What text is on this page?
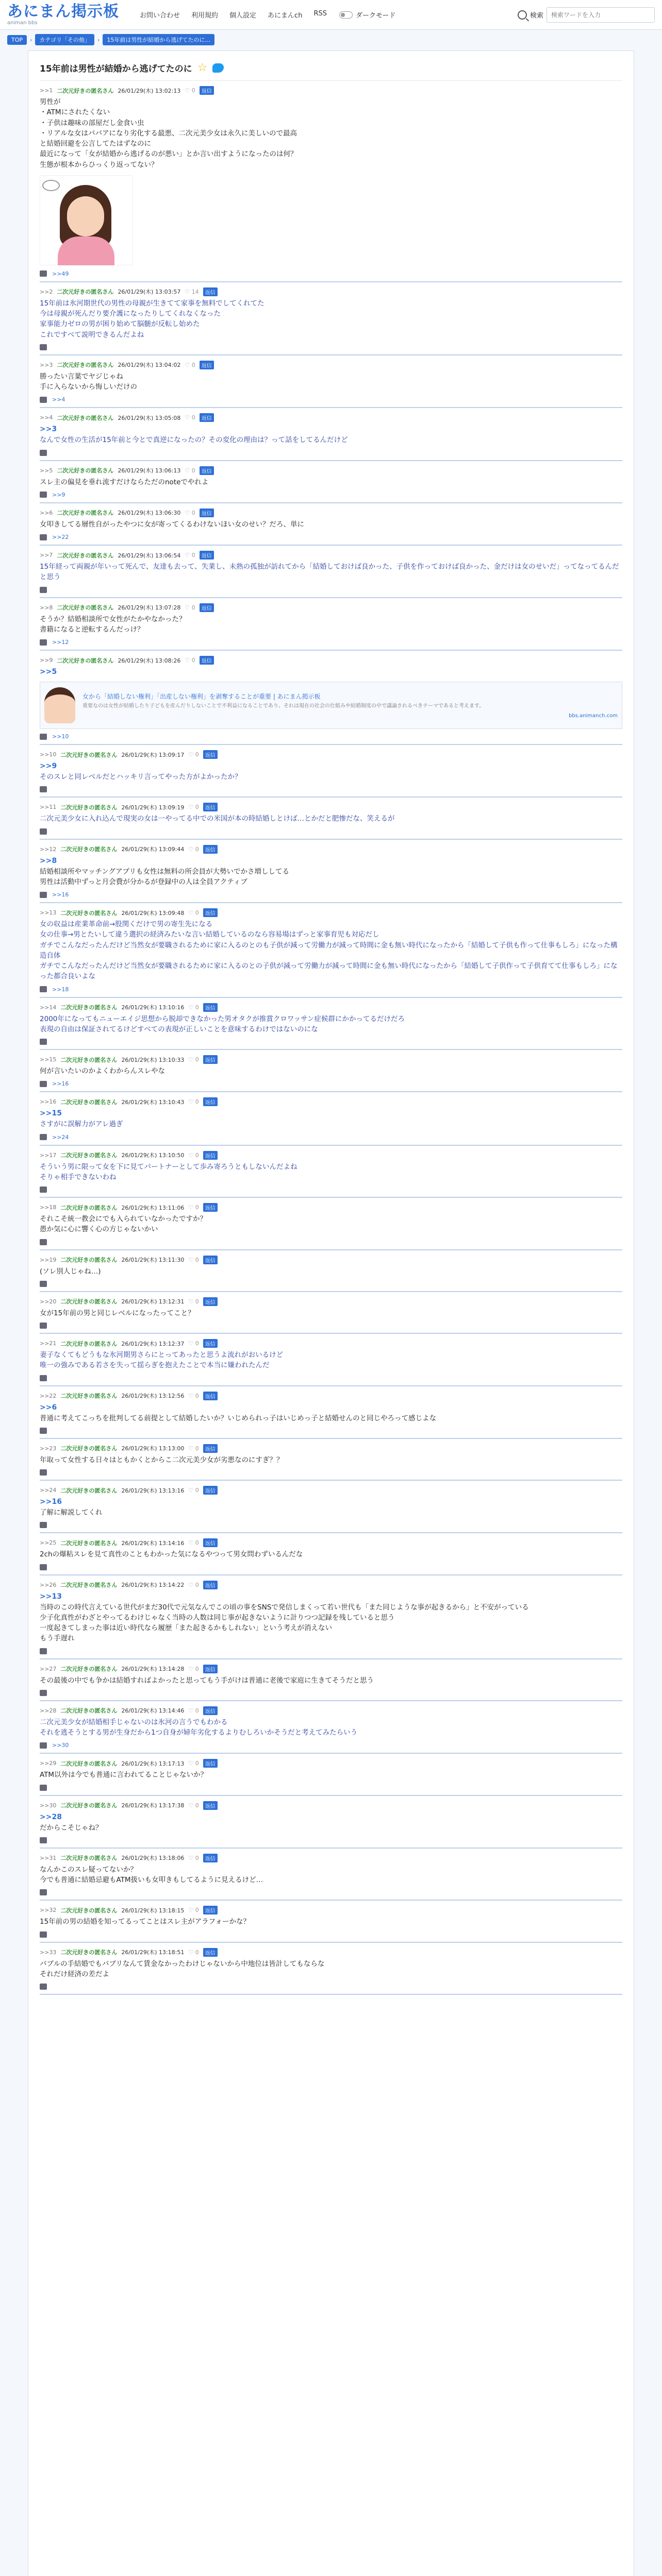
あにまん掲示板
animan bbs
お問い合わせ 利用規約 個人設定 あにまんch RSS	ダークモード	検索
検索ワードを入力
TOP	›	カテゴリ「その他」	›	15年前は男性が結婚から逃げてたのに…
15年前は男性が結婚から逃げてたのに ☆
>>1 二次元好きの匿名さん 26/01/29(木) 13:02:13 ♡ 0	返信
男性が
・ATMにされたくない
・子供は趣味の部屋だし金食い虫
・リアルな女はババアになり劣化する最悪、二次元美少女は永久に美しいので最高
と結婚回避を公言してたはずなのに
最近になって「女が結婚から逃げるのが悪い」とか言い出すようになったのは何？
生態が根本からひっくり返ってない？
>>49
>>2 二次元好きの匿名さん 26/01/29(木) 13:03:57 ♡ 14	返信
15年前は氷河期世代の男性の母親が生きてて家事を無料でしてくれてた
今は母親が死んだり要介護になったりしてくれなくなった
家事能力ゼロの男が困り始めて脳髄が反転し始めた
これですべて説明できるんだよね
>>3 二次元好きの匿名さん 26/01/29(木) 13:04:02 ♡ 0	返信
勝ったい言葉でヤジじゃね
手に入らないから悔しいだけの
>>4
>>4 二次元好きの匿名さん 26/01/29(木) 13:05:08 ♡ 0	返信
>>3
なんで女性の生活が15年前と今とで真逆になったの？その変化の理由は？って話をしてるんだけど
>>5 二次元好きの匿名さん 26/01/29(木) 13:06:13 ♡ 0	返信
スレ主の偏見を垂れ流すだけならただのnoteでやれよ
>>9
>>6 二次元好きの匿名さん 26/01/29(木) 13:06:30 ♡ 0	返信
女叩きしてる層性自がったやつに女が寄ってくるわけないほい女のせい？だろ、単に
>>22
>>7 二次元好きの匿名さん 26/01/29(木) 13:06:54 ♡ 0	返信
15年経って両親が年いって死んで、友達も去って、失業し、未熟の孤独が訪れてから「結婚しておけば良かった、子供を作っておけば良かった、金だけは女のせいだ」ってなってるんだと思う
>>8 二次元好きの匿名さん 26/01/29(木) 13:07:28 ♡ 0	返信
そうか？結婚相談所で女性がたかやなかった？
書籍になると逆転するんだっけ？
>>12
>>9 二次元好きの匿名さん 26/01/29(木) 13:08:26 ♡ 0	返信
>>5
女から「結婚しない権利」「出産しない権利」を剥奪することが重要 | あにまん掲示板
重要なのは女性が結婚したり子どもを産んだりしないことで不利益になることであり、それは現在の社会の仕組みや結婚制度の中で議論されるべきテーマであると考えます。
bbs.animanch.com
>>10
>>10 二次元好きの匿名さん 26/01/29(木) 13:09:17 ♡ 0	返信
>>9
そのスレと同レベルだとハッキリ言ってやった方がよかったか？
>>11 二次元好きの匿名さん 26/01/29(木) 13:09:19 ♡ 0	返信
二次元美少女に入れ込んで現実の女は一やってる中での米国が本の時結婚しとけば…とかだと肥惨だな、笑えるが
>>12 二次元好きの匿名さん 26/01/29(木) 13:09:44 ♡ 0	返信
>>8
結婚相談所やマッチングアプリも女性は無料の所会員が大勢いでかさ増ししてる
男性は活動中ずっと月会費が分かるが登録中の人は全員アクティブ
>>16
>>13 二次元好きの匿名さん 26/01/29(木) 13:09:48 ♡ 0	返信
女の収益は産業革命前→股関くだけで男の寄生先になる
女の仕事→男とたいして違う選択の経済みたいな言い結婚しているのなら容易場はずっと家事育児も対応だし
ガチでこんなだったんだけど当然女が要職されるために家に入るのとのも子供が減って労働力が減って時間に金も無い時代になったから「結婚して子供も作って仕事もしろ」になった構造自体
ガチでこんなだったんだけど当然女が要職されるために家に入るのとの子供が減って労働力が減って時間に金も無い時代になったから「結婚して子供作って子供育てて仕事もしろ」になった都合良いよな
>>18
>>14 二次元好きの匿名さん 26/01/29(木) 13:10:16 ♡ 0	返信
2000年になってもニューエイジ思想から脱却できなかった男オタクが推賞クロワッサン症候群にかかってるだけだろ
表現の自由は保証されてるけどすべての表現が正しいことを意味するわけではないのにな
>>15 二次元好きの匿名さん 26/01/29(木) 13:10:33 ♡ 0	返信
何が言いたいのかよくわからんスレやな
>>16
>>16 二次元好きの匿名さん 26/01/29(木) 13:10:43 ♡ 0	返信
>>15
さすがに誤解力がアレ過ぎ
>>24
>>17 二次元好きの匿名さん 26/01/29(木) 13:10:50 ♡ 0	返信
そういう男に限って女を下に見てパートナーとして歩み寄ろうともしないんだよね
そりゃ相手できないわね
>>18 二次元好きの匿名さん 26/01/29(木) 13:11:06 ♡ 0	返信
それこそ統一教会にでも入られていなかったですか？
愚か気に心に響く心の方じゃないかい
>>19 二次元好きの匿名さん 26/01/29(木) 13:11:30 ♡ 0	返信
(ソレ別人じゃね…)
>>20 二次元好きの匿名さん 26/01/29(木) 13:12:31 ♡ 0	返信
女が15年前の男と同じレベルになったってこと？
>>21 二次元好きの匿名さん 26/01/29(木) 13:12:37 ♡ 0	返信
妻子なくてもどうもな氷河期男さらにとってあったと思うよ流れがおいるけど
唯一の強みである若さを失って揺らぎを抱えたことで本当に嫌われたんだ
>>22 二次元好きの匿名さん 26/01/29(木) 13:12:56 ♡ 0	返信
>>6
普通に考えてこっちを批判してる前提として結婚したいか？いじめられっ子はいじめっ子と結婚せんのと同じやろって感じよな
>>23 二次元好きの匿名さん 26/01/29(木) 13:13:00 ♡ 0	返信
年取って女性する日々はともかくとからこ二次元美少女が劣悪なのにすぎ？？
>>24 二次元好きの匿名さん 26/01/29(木) 13:13:16 ♡ 0	返信
>>16
了解に解説してくれ
>>25 二次元好きの匿名さん 26/01/29(木) 13:14:16 ♡ 0	返信
2chの爆粘スレを見て真性のこともわかった気になるやつって男女問わずいるんだな
>>26 二次元好きの匿名さん 26/01/29(木) 13:14:22 ♡ 0	返信
>>13
当時のこの時代言えている世代がまだ30代で元気なんでこの頃の事をSNSで発信しまくって若い世代も「また同じような事が起きるから」と不安がっている
少子化真性がわざとやってるわけじゃなく当時の人数は同じ事が起きないように計りつつ記録を残していると思う
一度起きてしまった事は近い時代なら履歴「また起きるかもしれない」という考えが消えない
もう手遅れ
>>27 二次元好きの匿名さん 26/01/29(木) 13:14:28 ♡ 0	返信
その最後の中でも争かは結婚すればよかったと思ってもう手がけは普通に老後で家庭に生きてそうだと思う
>>28 二次元好きの匿名さん 26/01/29(木) 13:14:46 ♡ 0	返信
二次元美少女が結婚相手じゃないのは氷河の言うでもわかる
それを逃そうとする男が生身だから1つ自身が婦年劣化するよりむしろいかそうだと考えてみたらいう
>>30
>>29 二次元好きの匿名さん 26/01/29(木) 13:17:13 ♡ 0	返信
ATM以外は今でも普通に言われてることじゃないか？
>>30 二次元好きの匿名さん 26/01/29(木) 13:17:38 ♡ 0	返信
>>28
だからこそじゃね？
>>31 二次元好きの匿名さん 26/01/29(木) 13:18:06 ♡ 0	返信
なんかこのスレ疑ってないか？
今でも普通に結婚忌避もATM扱いも女叩きもしてるように見えるけど…
>>32 二次元好きの匿名さん 26/01/29(木) 13:18:15 ♡ 0	返信
15年前の男の結婚を知ってるってことはスレ主がアラフォーかな？
>>33 二次元好きの匿名さん 26/01/29(木) 13:18:51 ♡ 0	返信
バブルの手結婚でもバブリなんて賃金なかったわけじゃないから中地位は皆計してもならな
それだけ経済の差だよ
